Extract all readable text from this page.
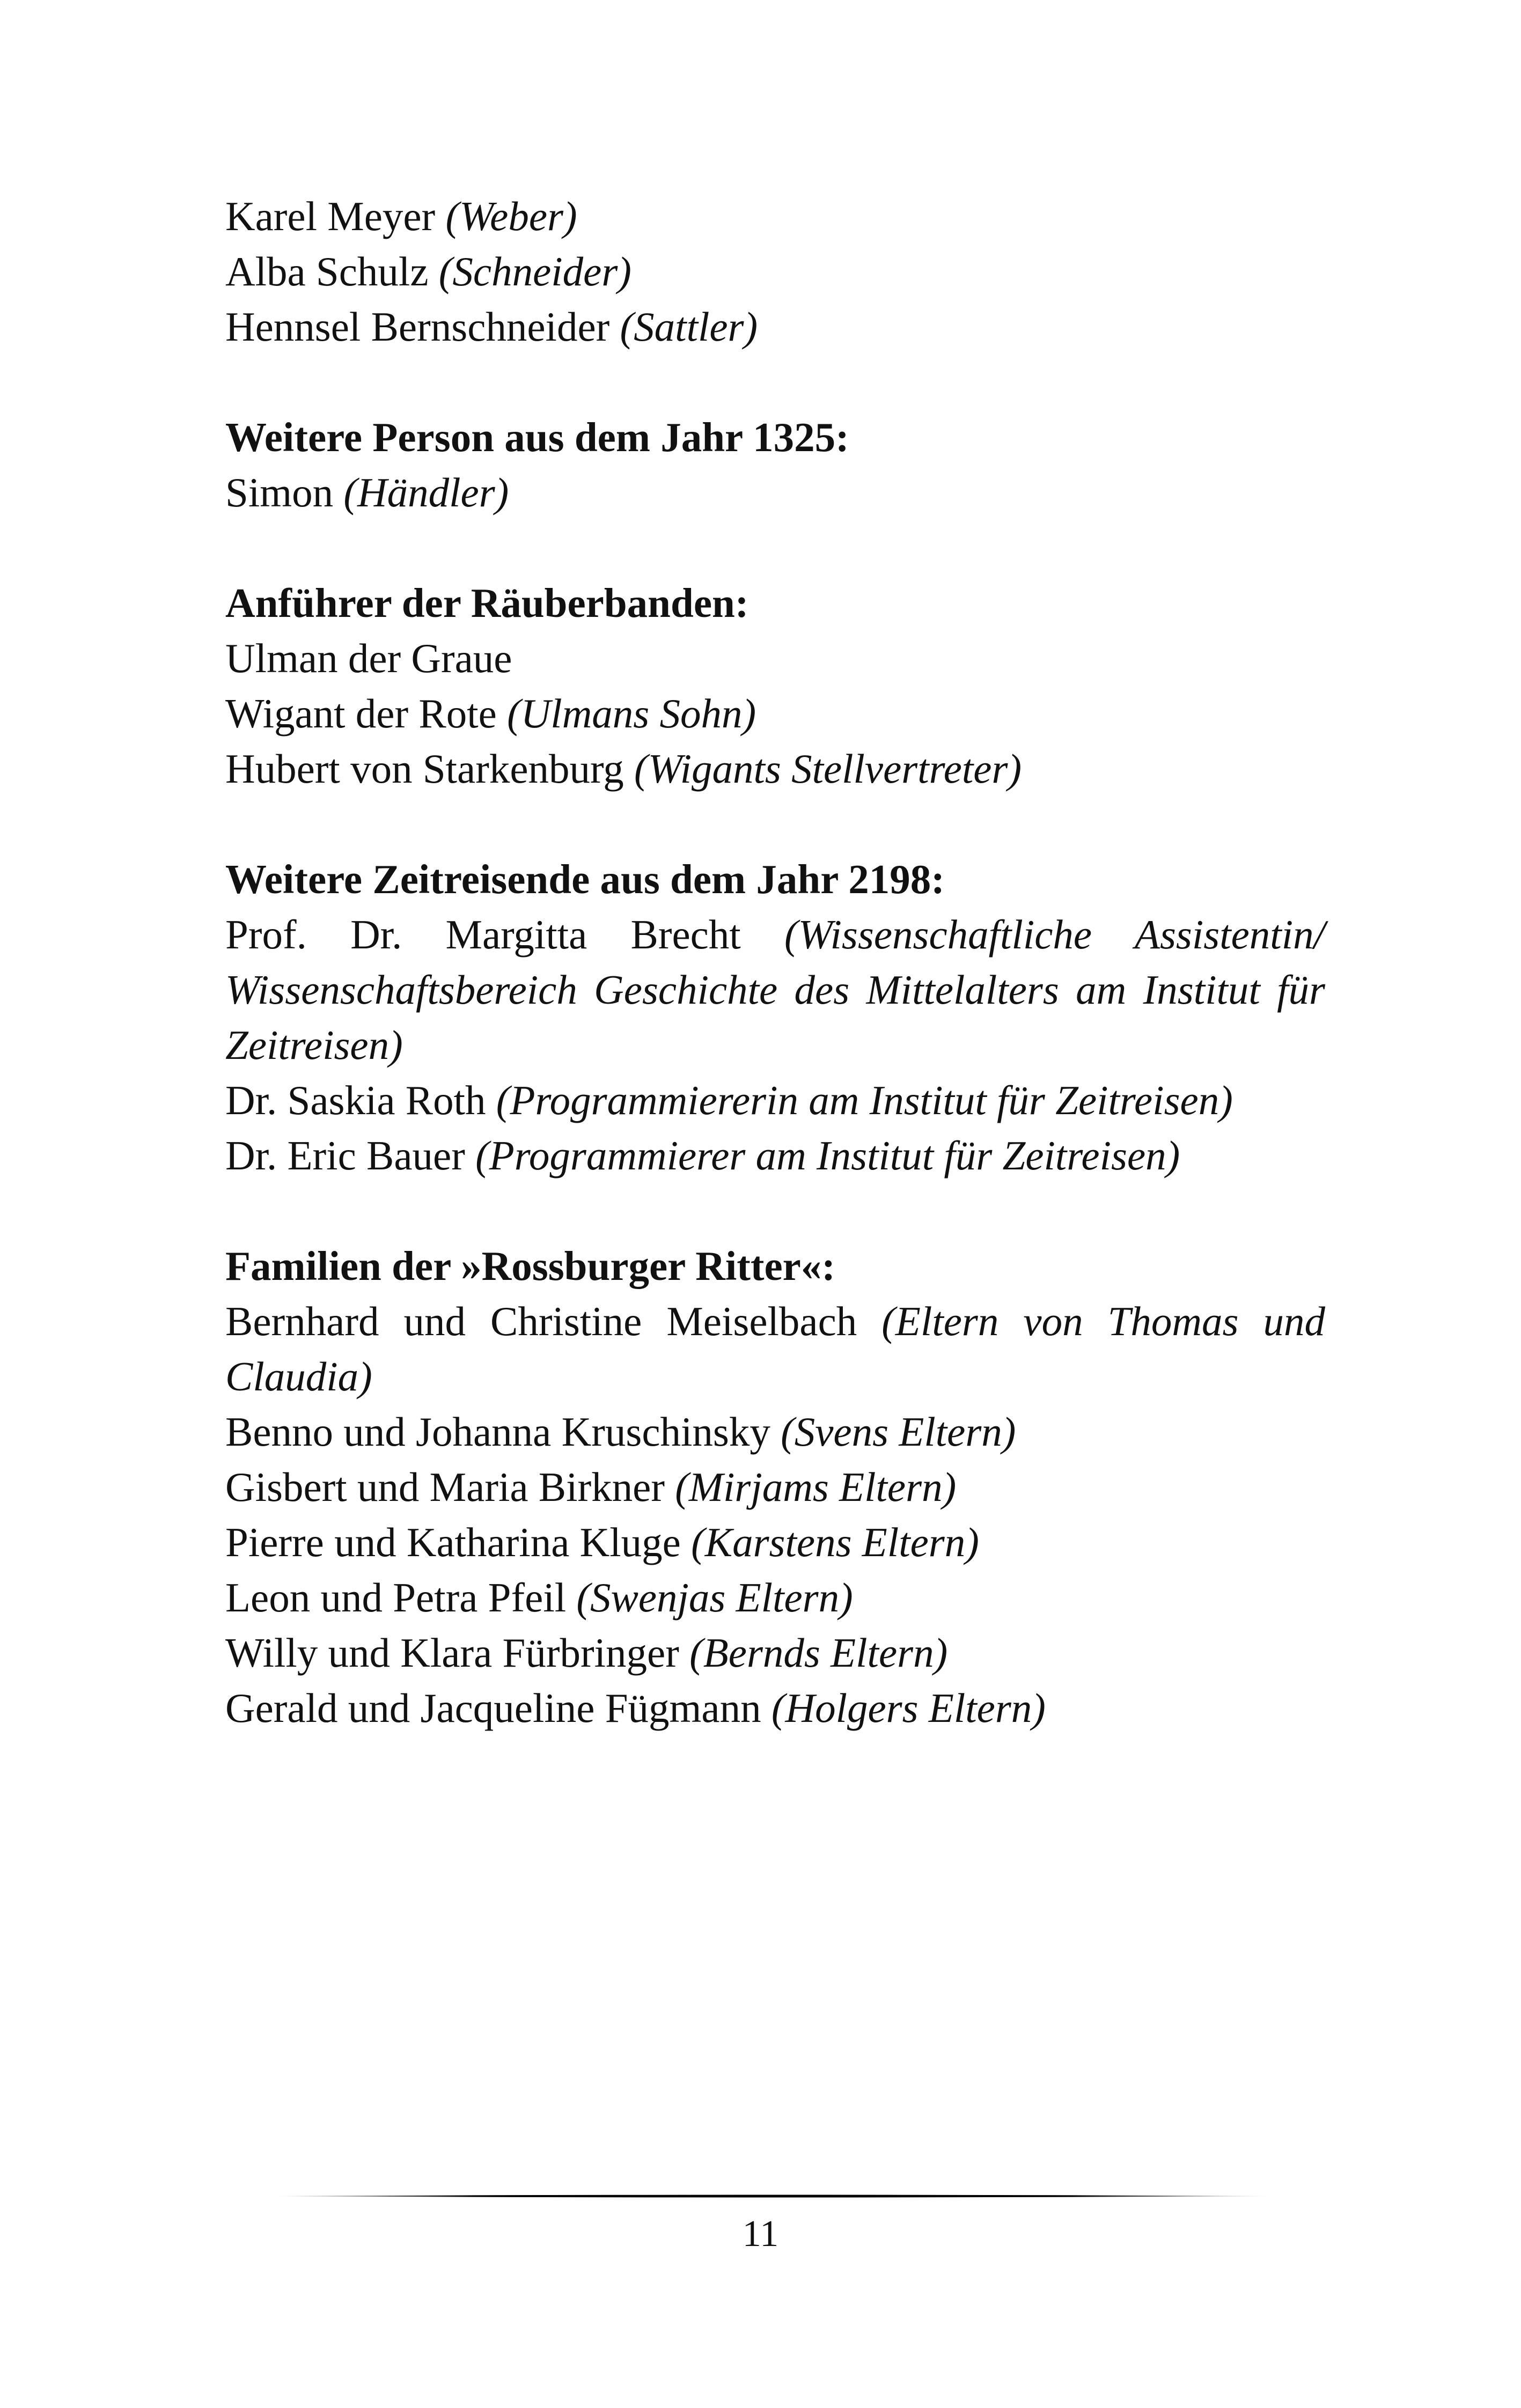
Karel Meyer (Weber)
Alba Schulz (Schneider)
Hennsel Bernschneider (Sattler)
Weitere Person aus dem Jahr 1325:
Simon (Händler)
Anführer der Räuberbanden:
Ulman der Graue
Wigant der Rote (Ulmans Sohn)
Hubert von Starkenburg (Wigants Stellvertreter)
Weitere Zeitreisende aus dem Jahr 2198:
Prof. Dr. Margitta Brecht (Wissenschaftliche Assistentin/
Wissenschaftsbereich Geschichte des Mittelalters am Institut für
Zeitreisen)
Dr. Saskia Roth (Programmiererin am Institut für Zeitreisen)
Dr. Eric Bauer (Programmierer am Institut für Zeitreisen)
Familien der »Rossburger Ritter«:
Bernhard und Christine Meiselbach (Eltern von Thomas und
Claudia)
Benno und Johanna Kruschinsky (Svens Eltern)
Gisbert und Maria Birkner (Mirjams Eltern)
Pierre und Katharina Kluge (Karstens Eltern)
Leon und Petra Pfeil (Swenjas Eltern)
Willy und Klara Fürbringer (Bernds Eltern)
Gerald und Jacqueline Fügmann (Holgers Eltern)
11
